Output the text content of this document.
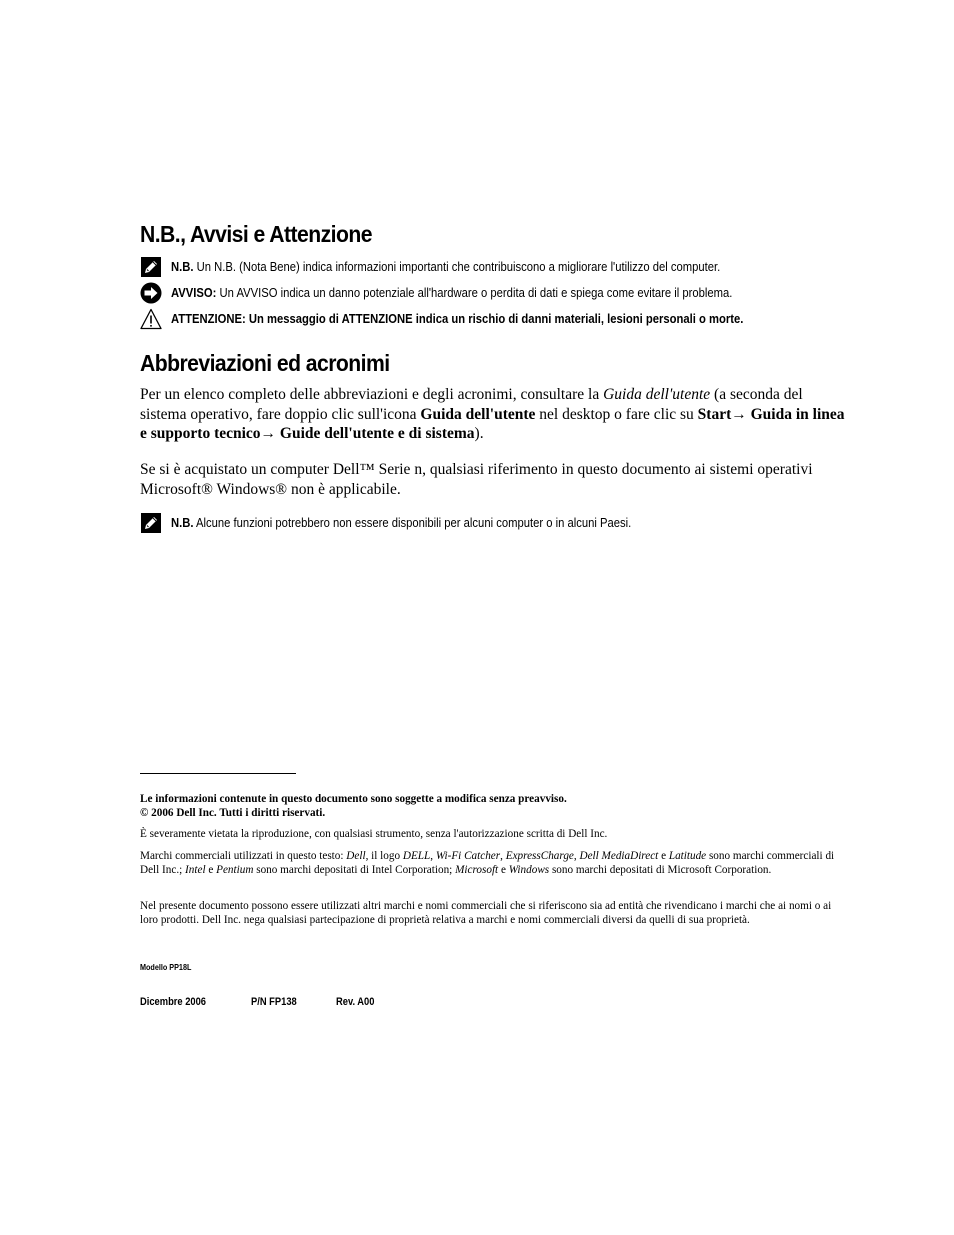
N.B., Avvisi e Attenzione
N.B. Un N.B. (Nota Bene) indica informazioni importanti che contribuiscono a migliorare l'utilizzo del computer.
AVVISO: Un AVVISO indica un danno potenziale all'hardware o perdita di dati e spiega come evitare il problema.
ATTENZIONE: Un messaggio di ATTENZIONE indica un rischio di danni materiali, lesioni personali o morte.
Abbreviazioni ed acronimi
Per un elenco completo delle abbreviazioni e degli acronimi, consultare la Guida dell'utente (a seconda del sistema operativo, fare doppio clic sull'icona Guida dell'utente nel desktop o fare clic su Start→ Guida in linea e supporto tecnico→ Guide dell'utente e di sistema).
Se si è acquistato un computer Dell™ Serie n, qualsiasi riferimento in questo documento ai sistemi operativi Microsoft® Windows® non è applicabile.
N.B. Alcune funzioni potrebbero non essere disponibili per alcuni computer o in alcuni Paesi.
Le informazioni contenute in questo documento sono soggette a modifica senza preavviso.
© 2006 Dell Inc. Tutti i diritti riservati.
È severamente vietata la riproduzione, con qualsiasi strumento, senza l'autorizzazione scritta di Dell Inc.
Marchi commerciali utilizzati in questo testo: Dell, il logo DELL, Wi-Fi Catcher, ExpressCharge, Dell MediaDirect e Latitude sono marchi commerciali di Dell Inc.; Intel e Pentium sono marchi depositati di Intel Corporation; Microsoft e Windows sono marchi depositati di Microsoft Corporation.
Nel presente documento possono essere utilizzati altri marchi e nomi commerciali che si riferiscono sia ad entità che rivendicano i marchi che ai nomi o ai loro prodotti. Dell Inc. nega qualsiasi partecipazione di proprietà relativa a marchi e nomi commerciali diversi da quelli di sua proprietà.
Modello PP18L
Dicembre 2006	P/N FP138	Rev. A00
